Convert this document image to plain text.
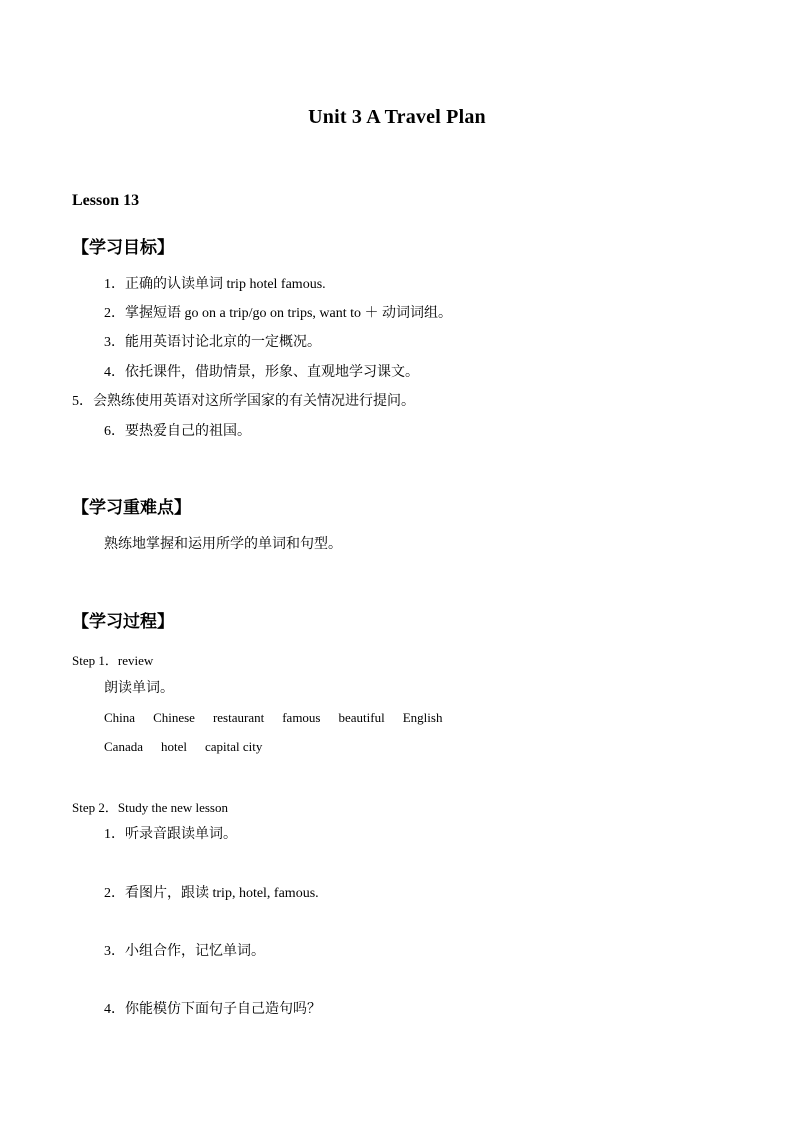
Unit 3 A Travel Plan
Lesson 13
【学习目标】
1．正确的认读单词 trip hotel famous.
2．掌握短语 go on a trip/go on trips, want to ＋ 动词词组。
3．能用英语讨论北京的一定概况。
4．依托课件，借助情景，形象、直观地学习课文。
5．会熟练使用英语对这所学国家的有关情况进行提问。
6．要热爱自己的祖国。
【学习重难点】
熟练地掌握和运用所学的单词和句型。
【学习过程】
Step 1．review
朗读单词。
China Chinese restaurant famous beautiful English
Canada hotel capital city
Step 2．Study the new lesson
1．听录音跟读单词。
2．看图片，跟读 trip, hotel, famous.
3．小组合作，记忆单词。
4．你能模仿下面句子自己造句吗？
